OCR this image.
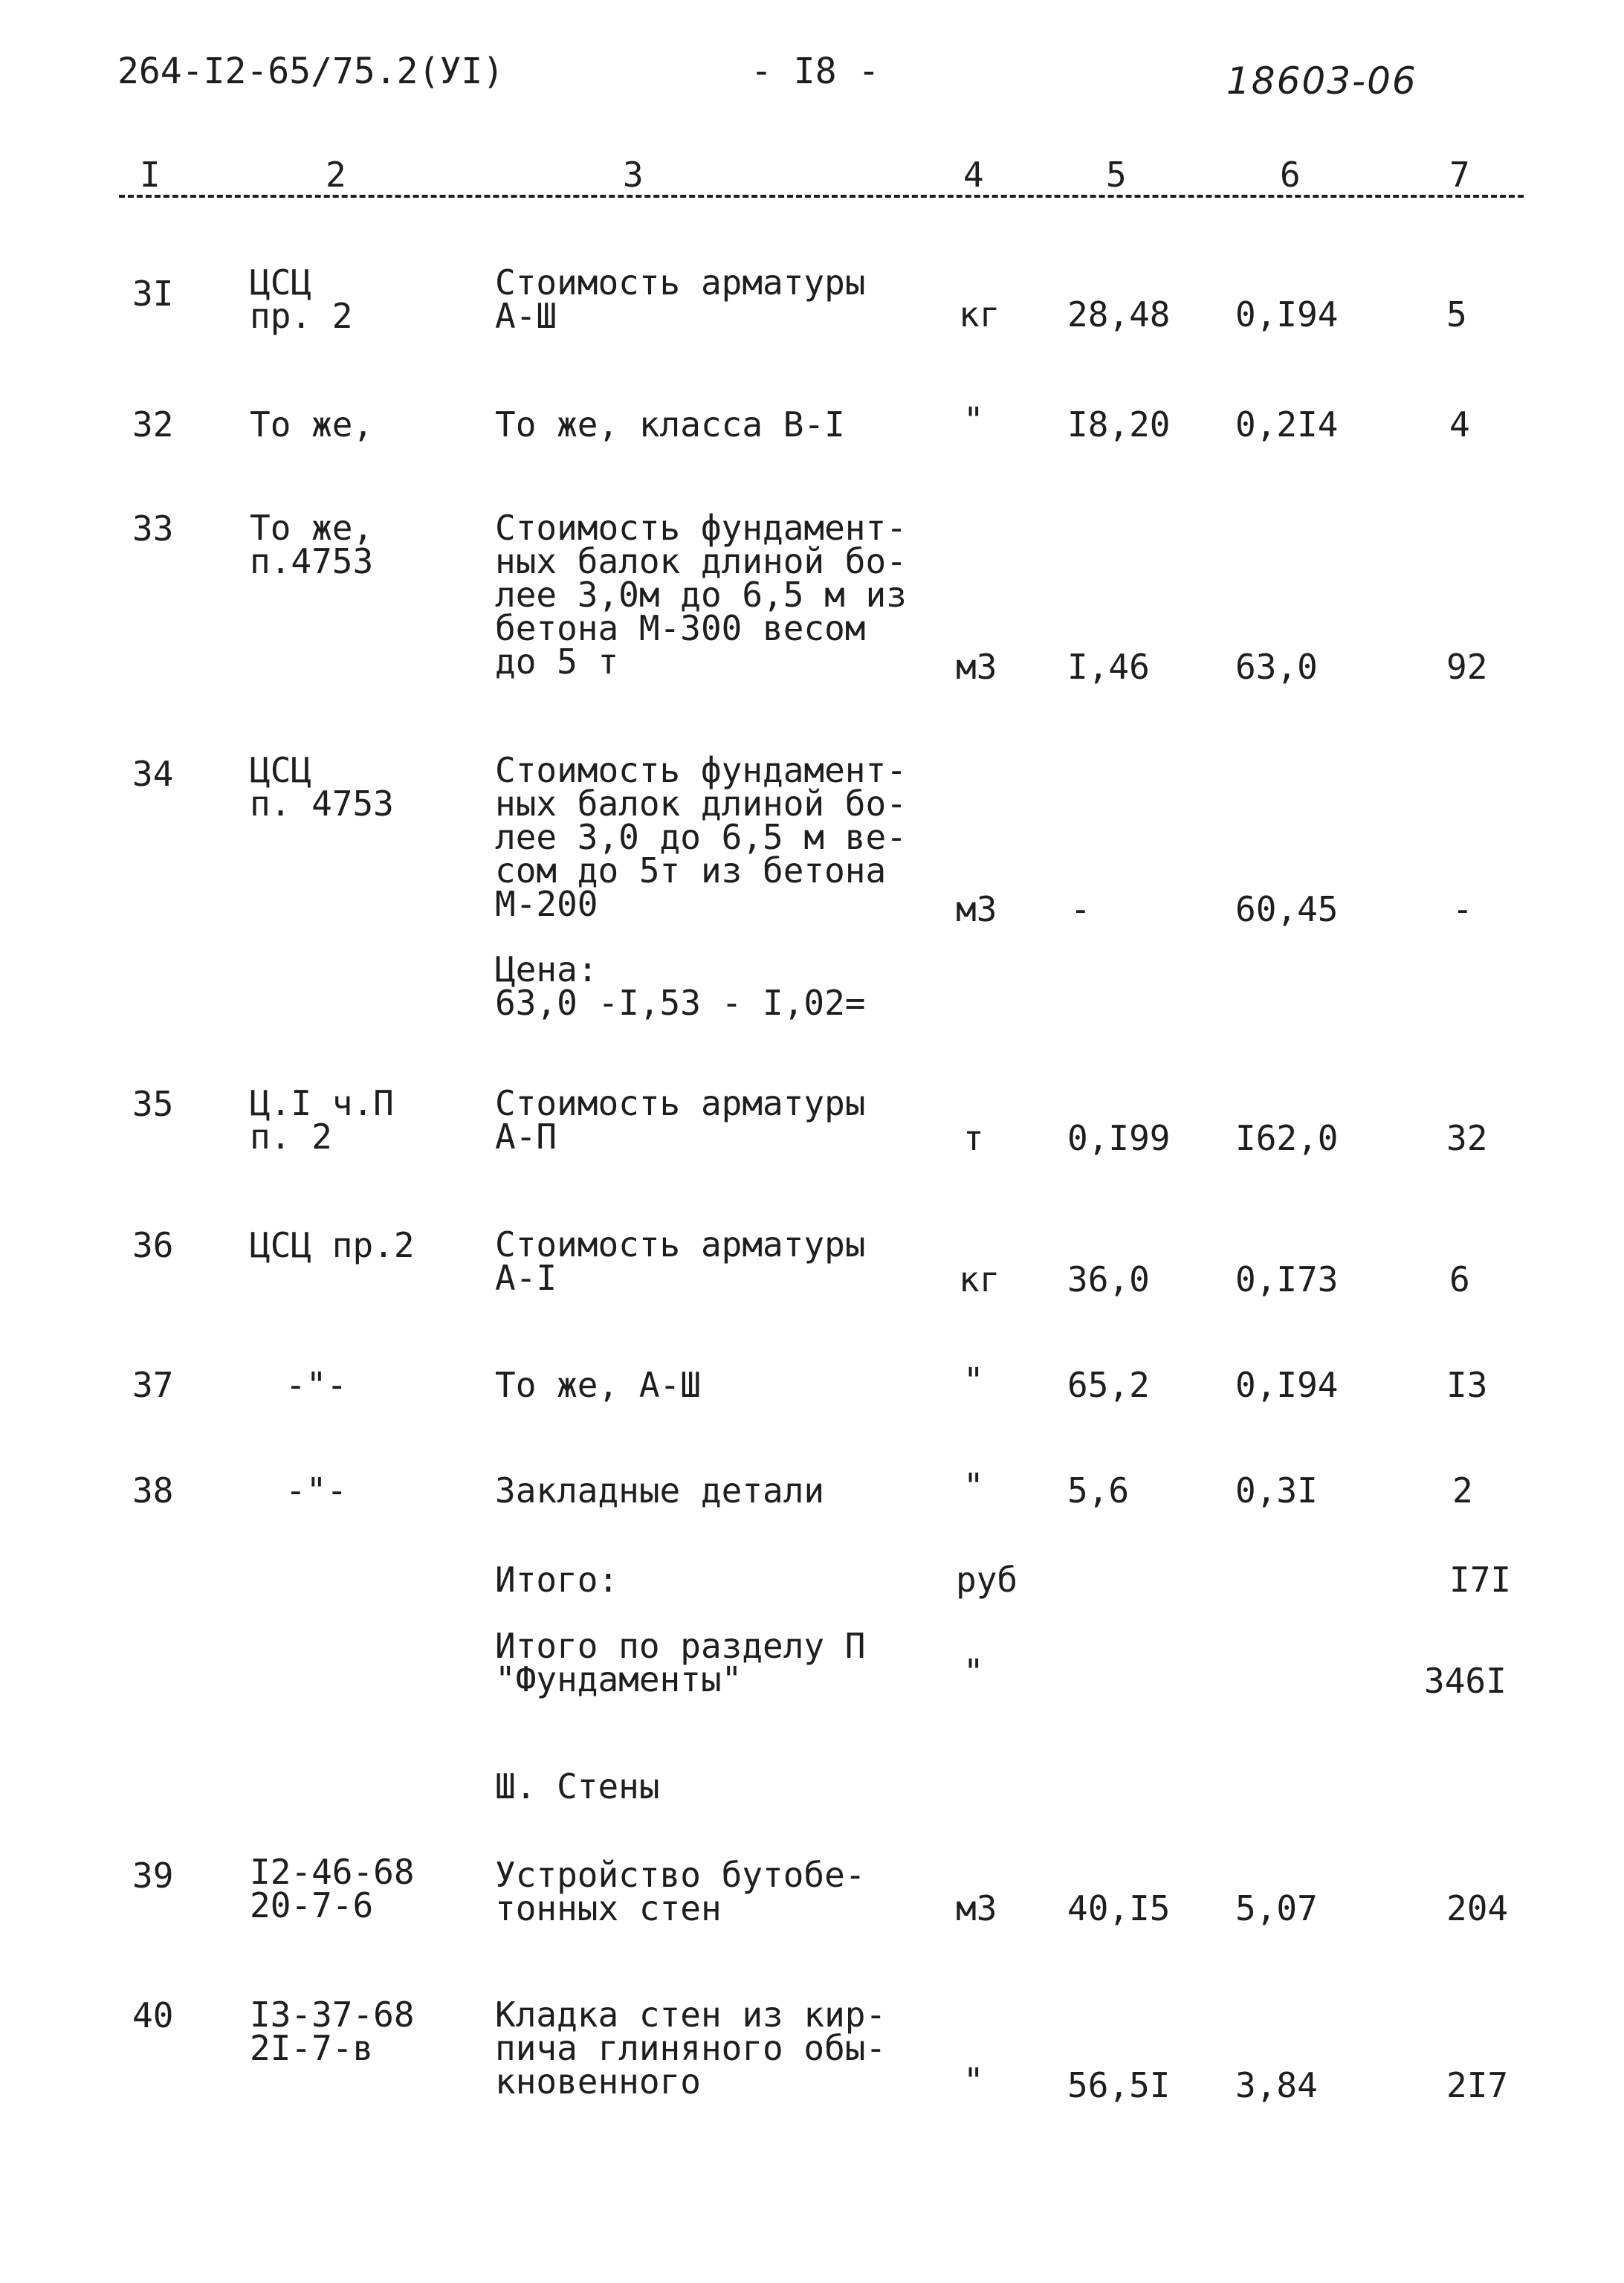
264-I2-65/75.2(УI)	- I8 -	18603-06
I	2	3	4	5	6	7
3I ЦСЦ
пр. 2
Стоимость арматуры
А-Ш	кг 28,48 0,I94	5
32 То же,	То же, класса В-I	" I8,20 0,2I4	4
33 То же,
п.4753
Стоимость фундамент-
ных балок длиной бо-
лее 3,0м до 6,5 м из
бетона М-300 весом
до 5 т	м3 I,46	63,0	92
34 ЦСЦ
п. 4753
Стоимость фундамент-
ных балок длиной бо-
лее 3,0 до 6,5 м ве-
сом до 5т из бетона
М-200	м3 -	60,45	-
Цена:
63,0 -I,53 - I,02=
35 Ц.I ч.П
п. 2
Стоимость арматуры
А-П	т 0,I99 I62,0	32
36 ЦСЦ пр.2 Стоимость арматуры
А-I	кг 36,0	0,I73	6
37	-"-	То же, А-Ш	" 65,2	0,I94	I3
38	-"-	Закладные детали	" 5,6	0,3I	2
Итого:	руб	I7I
Итого по разделу П
"Фундаменты"	"	346I
Ш. Стены
39 I2-46-68
20-7-6
Устройство бутобе-
тонных стен	м3 40,I5 5,07	204
40 I3-37-68
2I-7-в
Кладка стен из кир-
пича глиняного обы-
кновенного	" 56,5I 3,84	2I7
